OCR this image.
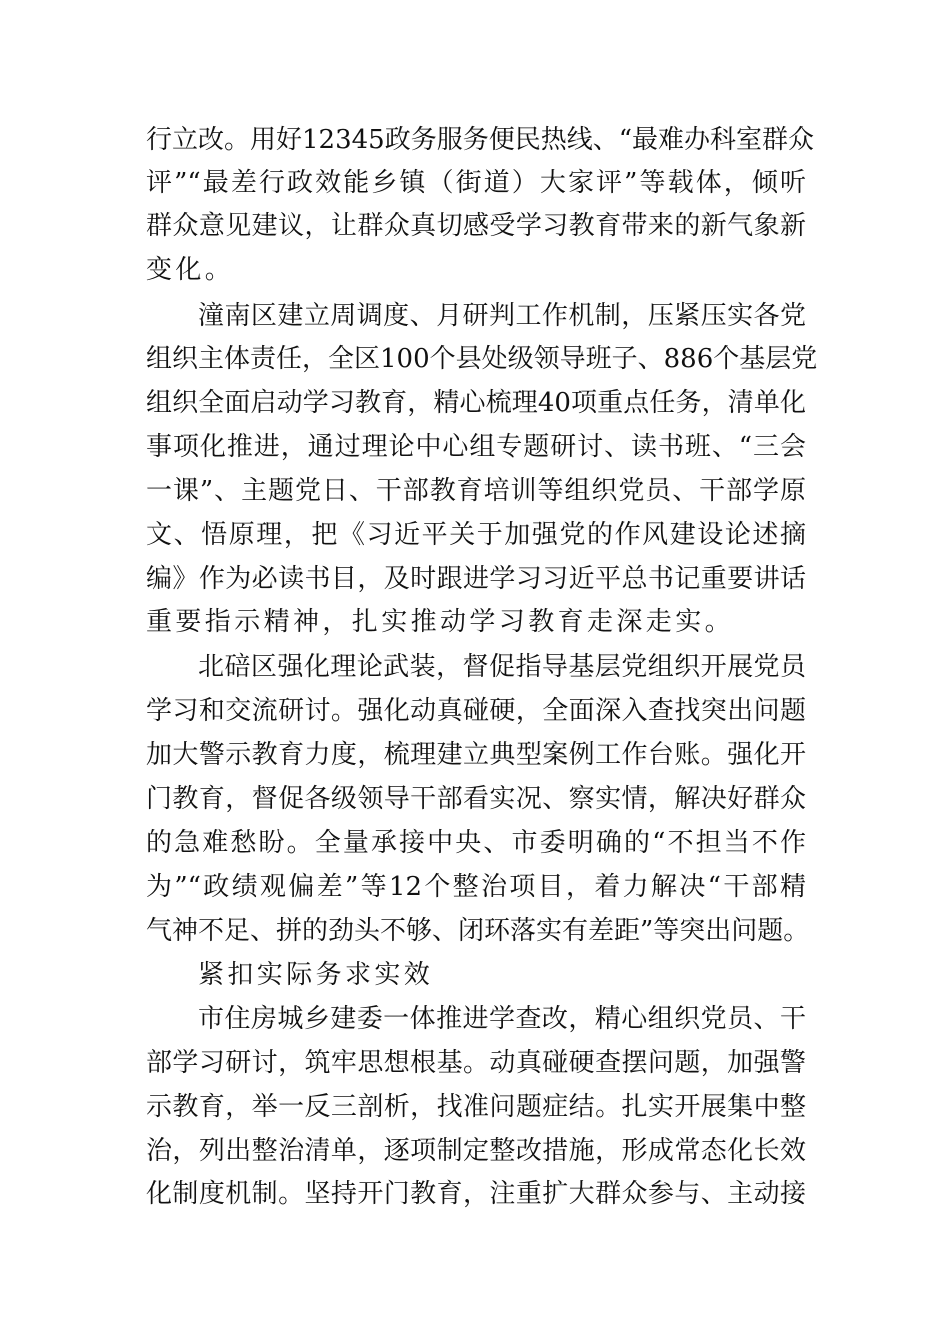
行立改。用好12345政务服务便民热线、“最难办科室群众
评”“最差行政效能乡镇（街道）大家评”等载体，倾听
群众意见建议，让群众真切感受学习教育带来的新气象新
变化。
潼南区建立周调度、月研判工作机制，压紧压实各党
组织主体责任，全区100个县处级领导班子、886个基层党
组织全面启动学习教育，精心梳理40项重点任务，清单化
事项化推进，通过理论中心组专题研讨、读书班、“三会
一课”、主题党日、干部教育培训等组织党员、干部学原
文、悟原理，把《习近平关于加强党的作风建设论述摘
编》作为必读书目，及时跟进学习习近平总书记重要讲话
重要指示精神，扎实推动学习教育走深走实。
北碚区强化理论武装，督促指导基层党组织开展党员
学习和交流研讨。强化动真碰硬，全面深入查找突出问题
加大警示教育力度，梳理建立典型案例工作台账。强化开
门教育，督促各级领导干部看实况、察实情，解决好群众
的急难愁盼。全量承接中央、市委明确的“不担当不作
为”“政绩观偏差”等12个整治项目，着力解决“干部精
气神不足、拼的劲头不够、闭环落实有差距”等突出问题。
紧扣实际务求实效
市住房城乡建委一体推进学查改，精心组织党员、干
部学习研讨，筑牢思想根基。动真碰硬查摆问题，加强警
示教育，举一反三剖析，找准问题症结。扎实开展集中整
治，列出整治清单，逐项制定整改措施，形成常态化长效
化制度机制。坚持开门教育，注重扩大群众参与、主动接
